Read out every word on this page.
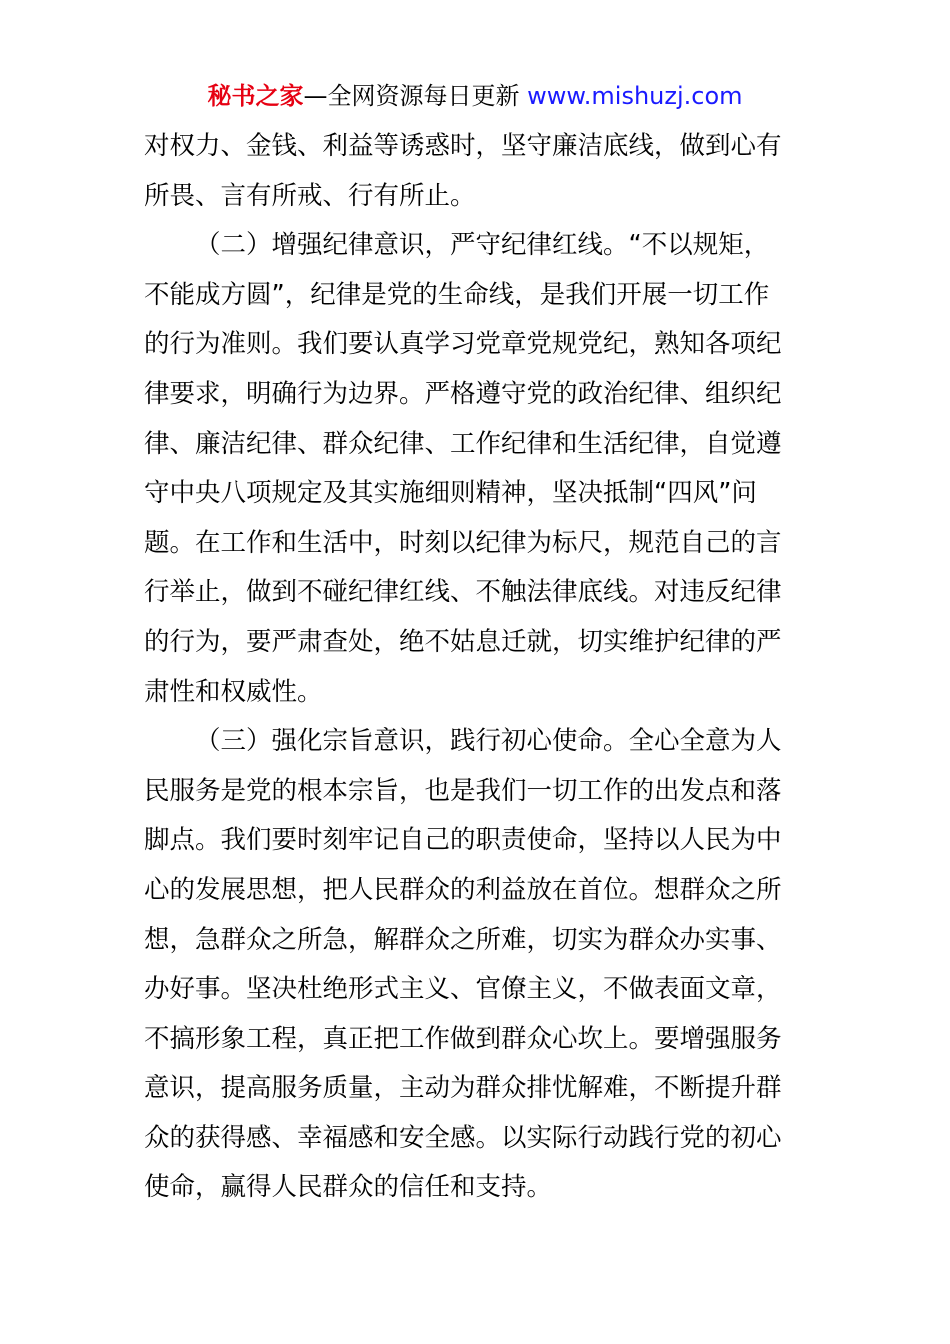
秘书之家—全网资源每日更新 www.mishuzj.com
对权力、金钱、利益等诱惑时，坚守廉洁底线，做到心有
所畏、言有所戒、行有所止。
（二）增强纪律意识，严守纪律红线。“不以规矩，
不能成方圆”，纪律是党的生命线，是我们开展一切工作
的行为准则。我们要认真学习党章党规党纪，熟知各项纪
律要求，明确行为边界。严格遵守党的政治纪律、组织纪
律、廉洁纪律、群众纪律、工作纪律和生活纪律，自觉遵
守中央八项规定及其实施细则精神，坚决抵制“四风”问
题。在工作和生活中，时刻以纪律为标尺，规范自己的言
行举止，做到不碰纪律红线、不触法律底线。对违反纪律
的行为，要严肃查处，绝不姑息迁就，切实维护纪律的严
肃性和权威性。
（三）强化宗旨意识，践行初心使命。全心全意为人
民服务是党的根本宗旨，也是我们一切工作的出发点和落
脚点。我们要时刻牢记自己的职责使命，坚持以人民为中
心的发展思想，把人民群众的利益放在首位。想群众之所
想，急群众之所急，解群众之所难，切实为群众办实事、
办好事。坚决杜绝形式主义、官僚主义，不做表面文章，
不搞形象工程，真正把工作做到群众心坎上。要增强服务
意识，提高服务质量，主动为群众排忧解难，不断提升群
众的获得感、幸福感和安全感。以实际行动践行党的初心
使命，赢得人民群众的信任和支持。
